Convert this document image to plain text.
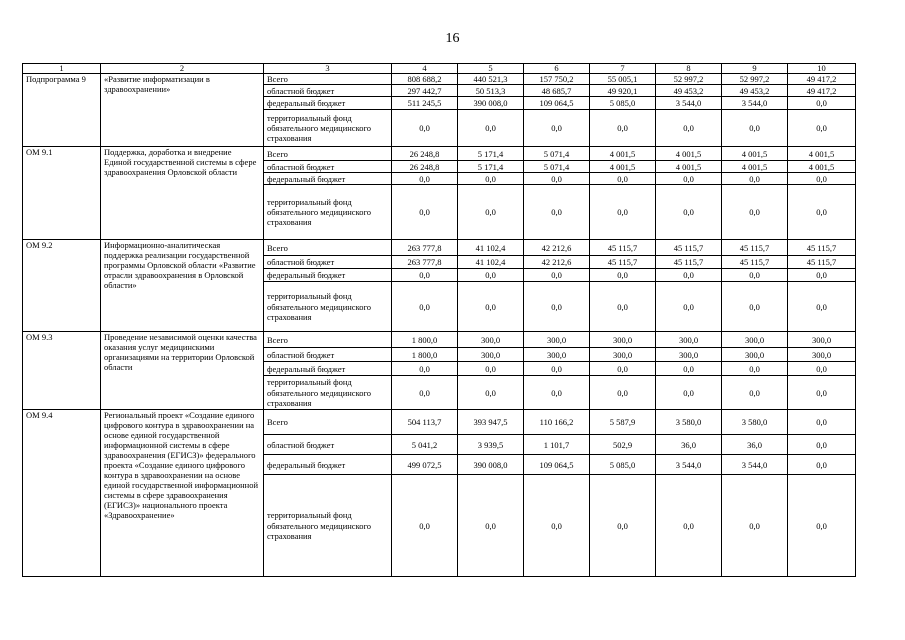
16
1	2	3	4	5	6	7	8	9	10
Подпрограмма 9	«Развитие информатизации в здравоохранении»	Всего	808 688,2	440 521,3	157 750,2	55 005,1	52 997,2	52 997,2	49 417,2
		областной бюджет	297 442,7	50 513,3	48 685,7	49 920,1	49 453,2	49 453,2	49 417,2
		федеральный бюджет	511 245,5	390 008,0	109 064,5	5 085,0	3 544,0	3 544,0	0,0
		территориальный фонд обязательного медицинского страхования	0,0	0,0	0,0	0,0	0,0	0,0	0,0
ОМ 9.1	Поддержка, доработка и внедрение Единой государственной системы в сфере здравоохранения Орловской области	Всего	26 248,8	5 171,4	5 071,4	4 001,5	4 001,5	4 001,5	4 001,5
		областной бюджет	26 248,8	5 171,4	5 071,4	4 001,5	4 001,5	4 001,5	4 001,5
		федеральный бюджет	0,0	0,0	0,0	0,0	0,0	0,0	0,0
		территориальный фонд обязательного медицинского страхования	0,0	0,0	0,0	0,0	0,0	0,0	0,0
ОМ 9.2	Информационно-аналитическая поддержка реализации государственной программы Орловской области «Развитие отрасли здравоохранения в Орловской области»	Всего	263 777,8	41 102,4	42 212,6	45 115,7	45 115,7	45 115,7	45 115,7
		областной бюджет	263 777,8	41 102,4	42 212,6	45 115,7	45 115,7	45 115,7	45 115,7
		федеральный бюджет	0,0	0,0	0,0	0,0	0,0	0,0	0,0
		территориальный фонд обязательного медицинского страхования	0,0	0,0	0,0	0,0	0,0	0,0	0,0
ОМ 9.3	Проведение независимой оценки качества оказания услуг медицинскими организациями на территории Орловской области	Всего	1 800,0	300,0	300,0	300,0	300,0	300,0	300,0
		областной бюджет	1 800,0	300,0	300,0	300,0	300,0	300,0	300,0
		федеральный бюджет	0,0	0,0	0,0	0,0	0,0	0,0	0,0
		территориальный фонд обязательного медицинского страхования	0,0	0,0	0,0	0,0	0,0	0,0	0,0
ОМ 9.4	Региональный проект «Создание единого цифрового контура в здравоохранении на основе единой государственной информационной системы в сфере здравоохранения (ЕГИСЗ)» федерального проекта «Создание единого цифрового контура в здравоохранении на основе единой государственной информационной системы в сфере здравоохранения (ЕГИСЗ)» национального проекта «Здравоохранение»	Всего	504 113,7	393 947,5	110 166,2	5 587,9	3 580,0	3 580,0	0,0
		областной бюджет	5 041,2	3 939,5	1 101,7	502,9	36,0	36,0	0,0
		федеральный бюджет	499 072,5	390 008,0	109 064,5	5 085,0	3 544,0	3 544,0	0,0
		территориальный фонд обязательного медицинского страхования	0,0	0,0	0,0	0,0	0,0	0,0	0,0
